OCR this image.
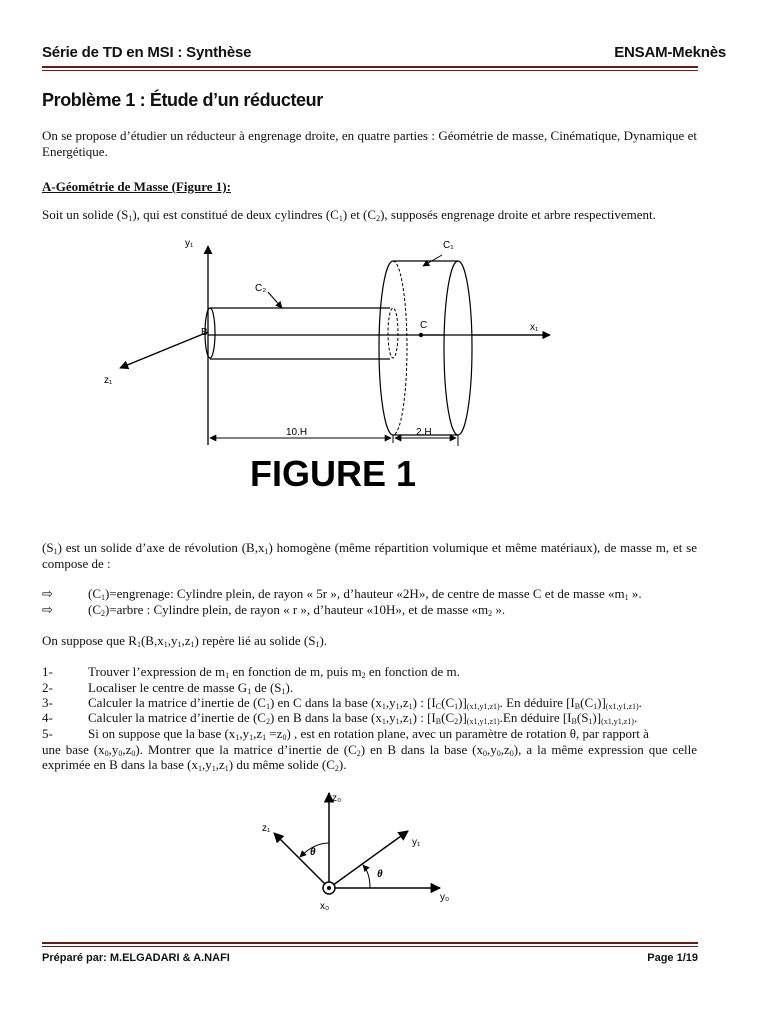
Série de TD en MSI : Synthèse	ENSAM-Meknès
Problème 1 : Étude d’un réducteur
On se propose d’étudier un réducteur à engrenage droite, en quatre parties : Géométrie de masse, Cinématique, Dynamique et Energétique.
A-Géométrie de Masse (Figure 1):
Soit un solide $(S_1)$, qui est constitué de deux cylindres $(C_1)$ et $(C_2)$, supposés engrenage droite et arbre respectivement.
y₁
z₁
x₁
C
B
C₁
C₂
10.H	2.H
FIGURE 1
$(S_1)$ est un solide d’axe de révolution $(B,x_1)$ homogène (même répartition volumique et même matériaux), de masse m, et se compose de :
⇨	$(C_1)=engrenage$: Cylindre plein, de rayon « 5r », d’hauteur «2H», de centre de masse C et de masse «$m_1$ ».
⇨	$(C_2)=arbre$ : Cylindre plein, de rayon « r », d’hauteur «10H», et de masse «$m_2$ ».
On suppose que $R_1(B,x_1,y_1,z_1)$ repère lié au solide $(S_1)$.
1-	Trouver l’expression de $m_1$ en fonction de m, puis $m_2$ en fonction de m.
2-	Localiser le centre de masse $G_1$ de $(S_1)$.
3-	Calculer la matrice d’inertie de $(C_1)$ en C dans la base $(x_1,y_1,z_1)$ : $[I_C(C_1)]_{(x1,y1,z1)}$. En déduire $[I_B(C_1)]_{(x1,y1,z1)}$.
4-	Calculer la matrice d’inertie de $(C_2)$ en B dans la base $(x_1,y_1,z_1)$ : $[I_B(C_2)]_{(x1,y1,z1)}.En$ déduire $[I_B(S_1)]_{(x1,y1,z1)}$.
5-	Si on suppose que la base $(x_1,y_1,z_1 =z_0)$ , est en rotation plane, avec un paramètre de rotation θ, par rapport à
une base $(x_0,y_0,z_0)$. Montrer que la matrice d’inertie de $(C_2)$ en B dans la base $(x_0,y_0,z_0)$, a la même expression que celle exprimée en B dans la base $(x_1,y_1,z_1)$ du même solide $(C_2)$.
z₀
y₀
y₁
z₁
θ
θ
x₀
Préparé par: M.ELGADARI & A.NAFI	Page 1/19
